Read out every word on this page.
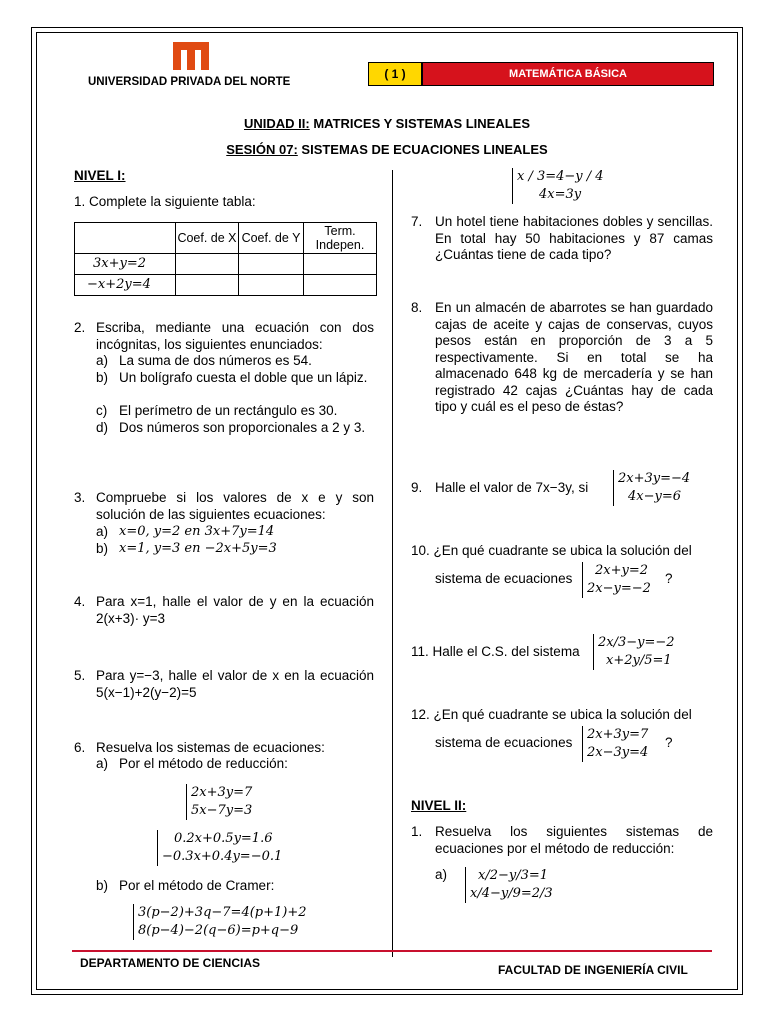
UNIVERSIDAD PRIVADA DEL NORTE
( 1 )	MATEMÁTICA BÁSICA
UNIDAD II: MATRICES Y SISTEMAS LINEALES
SESIÓN 07: SISTEMAS DE ECUACIONES LINEALES
NIVEL I:
1. Complete la siguiente tabla:
	Coef. de X	Coef. de Y	Term. Indepen.
3x+y=2			
−x+2y=4			
2. Escriba, mediante una ecuación con dos incógnitas, los siguientes enunciados:
a) La suma de dos números es 54.
b) Un bolígrafo cuesta el doble que un lápiz.
c) El perímetro de un rectángulo es 30.
d) Dos números son proporcionales a 2 y 3.
3. Compruebe si los valores de x e y son solución de las siguientes ecuaciones:
a) x=0, y=2 en 3x+7y=14
b) x=1, y=3 en −2x+5y=3
4. Para x=1, halle el valor de y en la ecuación 2(x+3)· y=3
5. Para y=−3, halle el valor de x en la ecuación 5(x−1)+2(y−2)=5
6. Resuelva los sistemas de ecuaciones:
a) Por el método de reducción:
2x+3y=7
5x−7y=3
0.2x+0.5y=1.6
−0.3x+0.4y=−0.1
b) Por el método de Cramer:
3(p−2)+3q−7=4(p+1)+2
8(p−4)−2(q−6)=p+q−9
x / 3=4−y / 4
4x=3y
7. Un hotel tiene habitaciones dobles y sencillas. En total hay 50 habitaciones y 87 camas ¿Cuántas tiene de cada tipo?
8. En un almacén de abarrotes se han guardado cajas de aceite y cajas de conservas, cuyos pesos están en proporción de 3 a 5 respectivamente. Si en total se ha almacenado 648 kg de mercadería y se han registrado 42 cajas ¿Cuántas hay de cada tipo y cuál es el peso de éstas?
9. Halle el valor de 7x−3y, si
2x+3y=−4
4x−y=6
10. ¿En qué cuadrante se ubica la solución del
sistema de ecuaciones
2x+y=2
2x−y=−2
?
11. Halle el C.S. del sistema
2x/3−y=−2
x+2y/5=1
12. ¿En qué cuadrante se ubica la solución del
sistema de ecuaciones
2x+3y=7
2x−3y=4
?
NIVEL II:
1. Resuelva los siguientes sistemas de ecuaciones por el método de reducción:
a)	x/2−y/3=1
x/4−y/9=2/3
DEPARTAMENTO DE CIENCIAS	FACULTAD DE INGENIERÍA CIVIL
